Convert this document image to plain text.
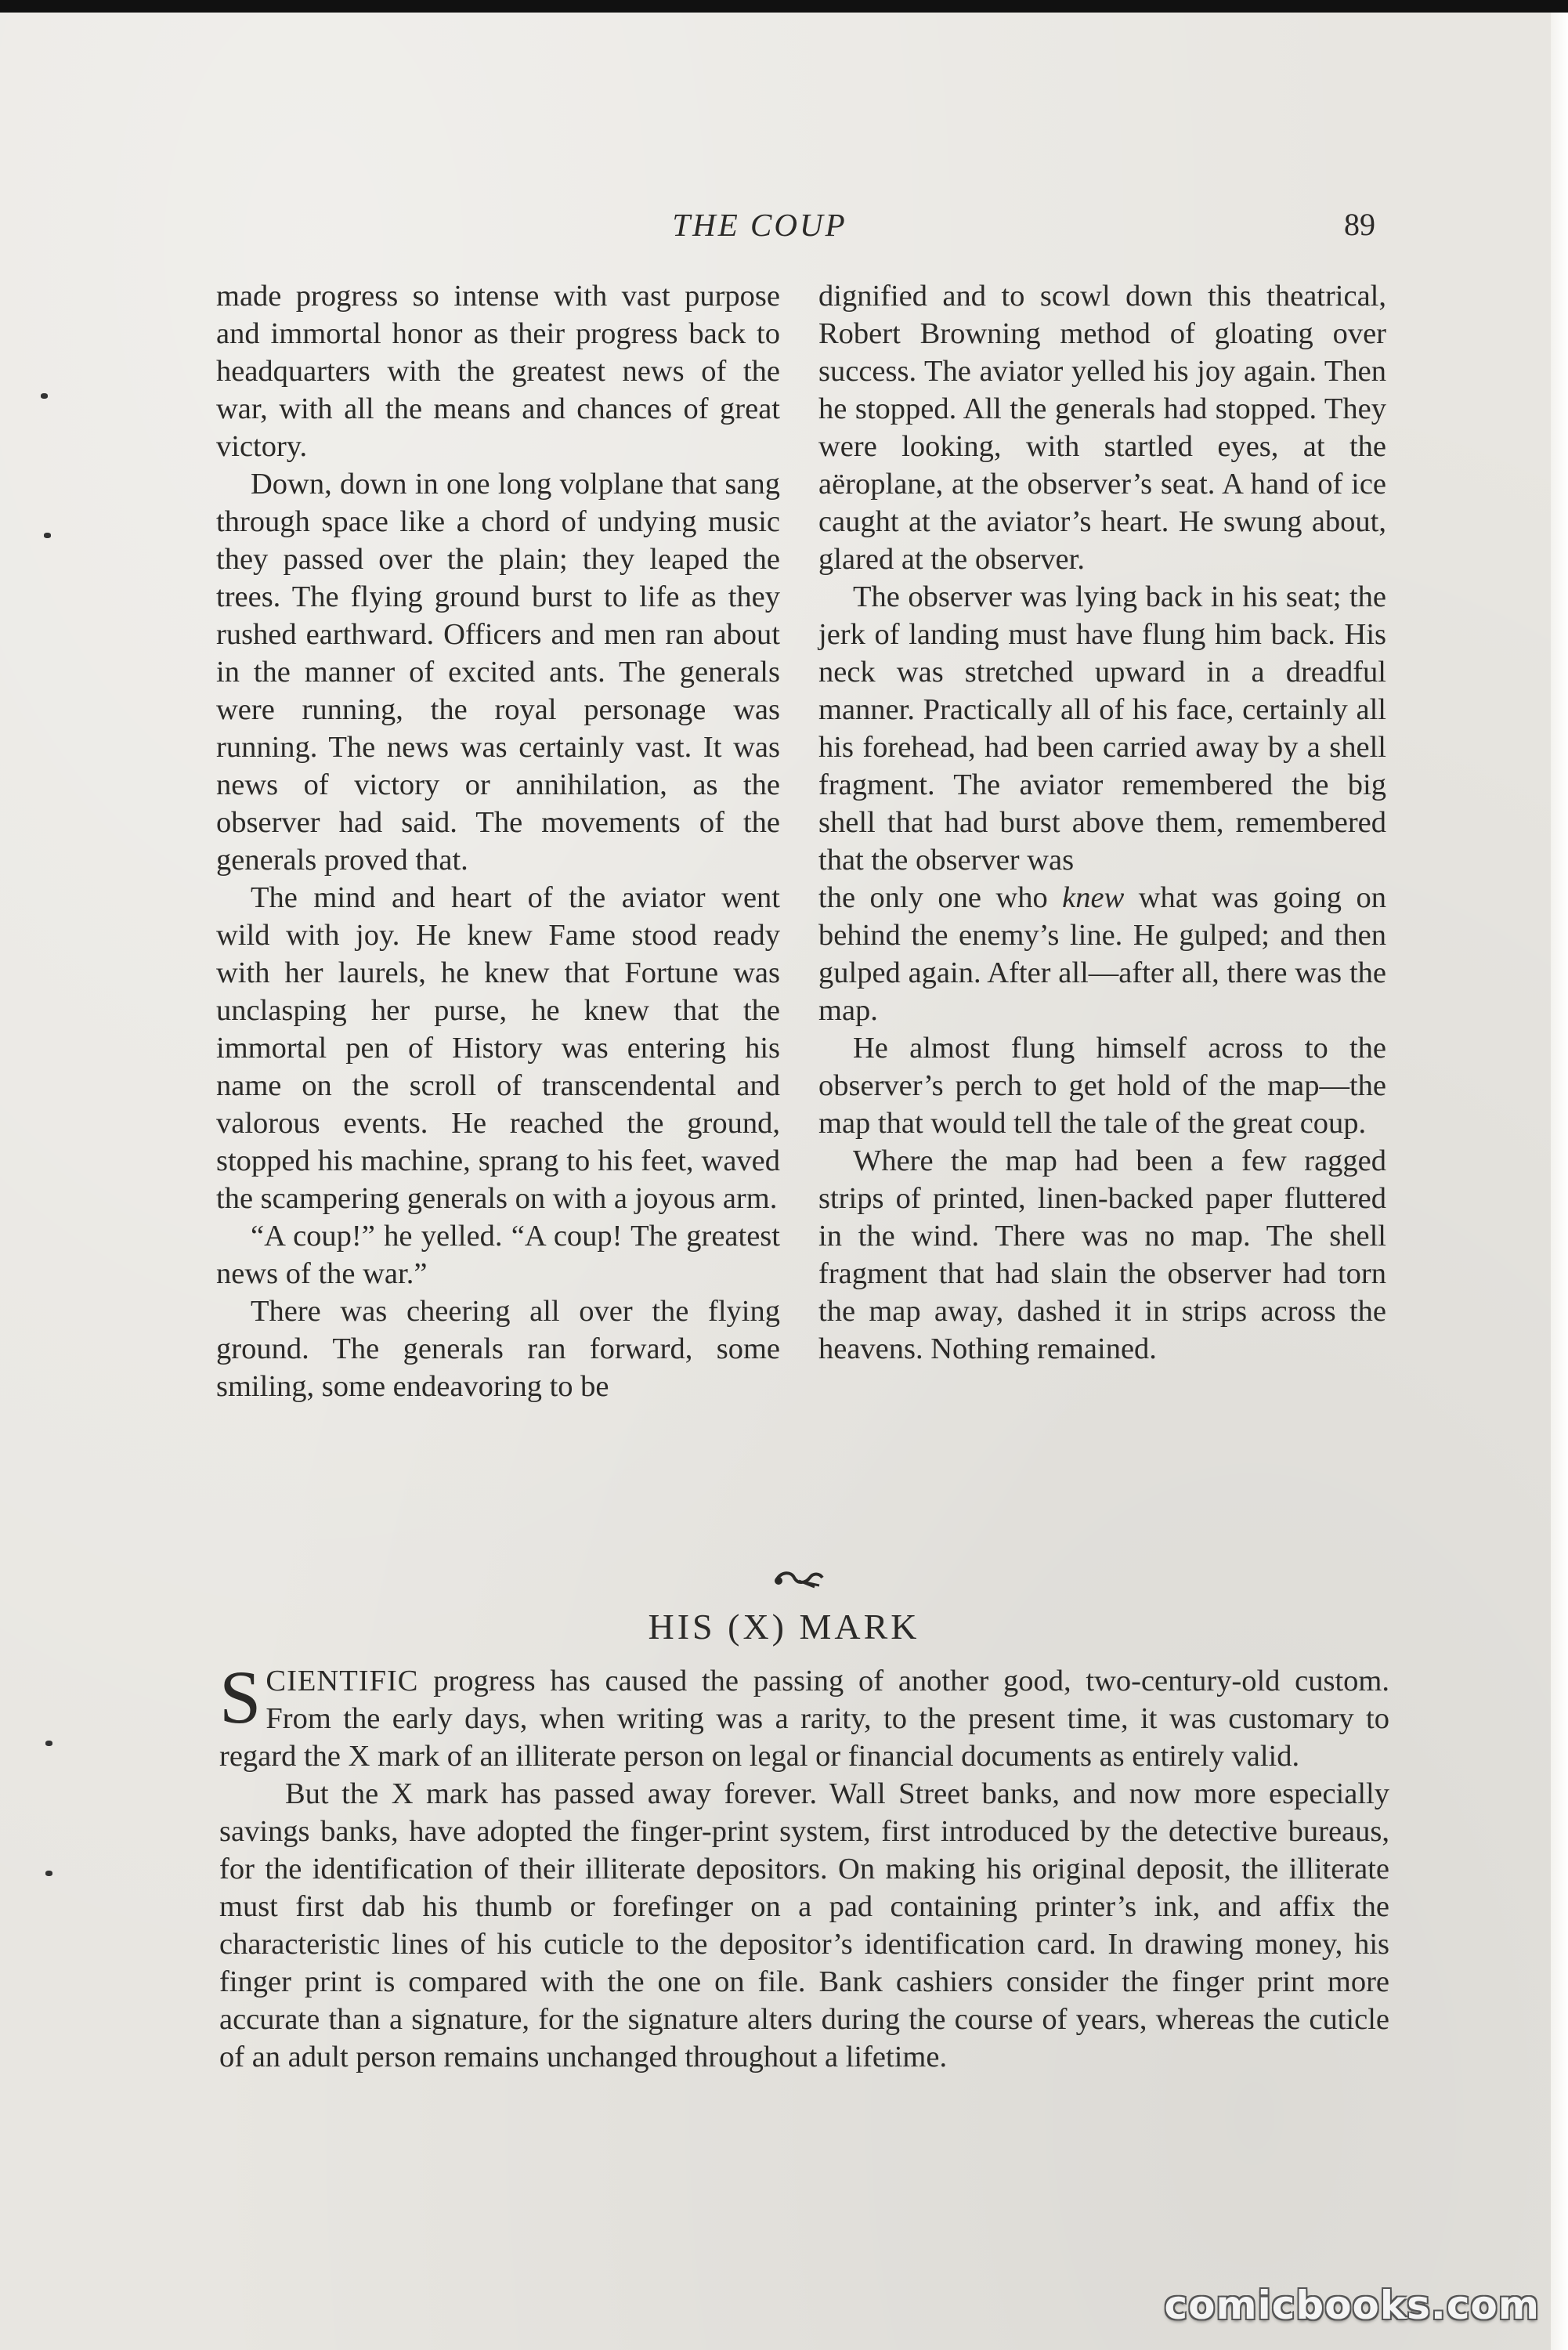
THE COUP	89

made progress so intense with vast purpose and immortal honor as their progress back to headquarters with the greatest news of the war, with all the means and chances of great victory.

Down, down in one long volplane that sang through space like a chord of undying music they passed over the plain; they leaped the trees. The flying ground burst to life as they rushed earthward. Officers and men ran about in the manner of excited ants. The generals were running, the royal personage was running. The news was certainly vast. It was news of victory or annihilation, as the observer had said. The movements of the generals proved that.

The mind and heart of the aviator went wild with joy. He knew Fame stood ready with her laurels, he knew that Fortune was unclasping her purse, he knew that the immortal pen of History was entering his name on the scroll of transcendental and valorous events. He reached the ground, stopped his machine, sprang to his feet, waved the scampering generals on with a joyous arm.

“A coup!” he yelled. “A coup! The greatest news of the war.”

There was cheering all over the flying ground. The generals ran forward, some smiling, some endeavoring to be

dignified and to scowl down this theatrical, Robert Browning method of gloating over success. The aviator yelled his joy again. Then he stopped. All the generals had stopped. They were looking, with startled eyes, at the aëroplane, at the observer’s seat. A hand of ice caught at the aviator’s heart. He swung about, glared at the observer.

The observer was lying back in his seat; the jerk of landing must have flung him back. His neck was stretched upward in a dreadful manner. Practically all of his face, certainly all his forehead, had been carried away by a shell fragment. The aviator remembered the big shell that had burst above them, remembered that the observer was

the only one who knew what was going on behind the enemy’s line. He gulped; and then gulped again. After all—after all, there was the map.

He almost flung himself across to the observer’s perch to get hold of the map—the map that would tell the tale of the great coup.

Where the map had been a few ragged strips of printed, linen-backed paper fluttered in the wind. There was no map. The shell fragment that had slain the observer had torn the map away, dashed it in strips across the heavens. Nothing remained.

HIS (X) MARK

SCIENTIFIC progress has caused the passing of another good, two-century-old custom. From the early days, when writing was a rarity, to the present time, it was customary to regard the X mark of an illiterate person on legal or financial documents as entirely valid.

But the X mark has passed away forever. Wall Street banks, and now more especially savings banks, have adopted the finger-print system, first introduced by the detective bureaus, for the identification of their illiterate depositors. On making his original deposit, the illiterate must first dab his thumb or forefinger on a pad containing printer’s ink, and affix the characteristic lines of his cuticle to the depositor’s identification card. In drawing money, his finger print is compared with the one on file. Bank cashiers consider the finger print more accurate than a signature, for the signature alters during the course of years, whereas the cuticle of an adult person remains unchanged throughout a lifetime.

comicbooks.com
